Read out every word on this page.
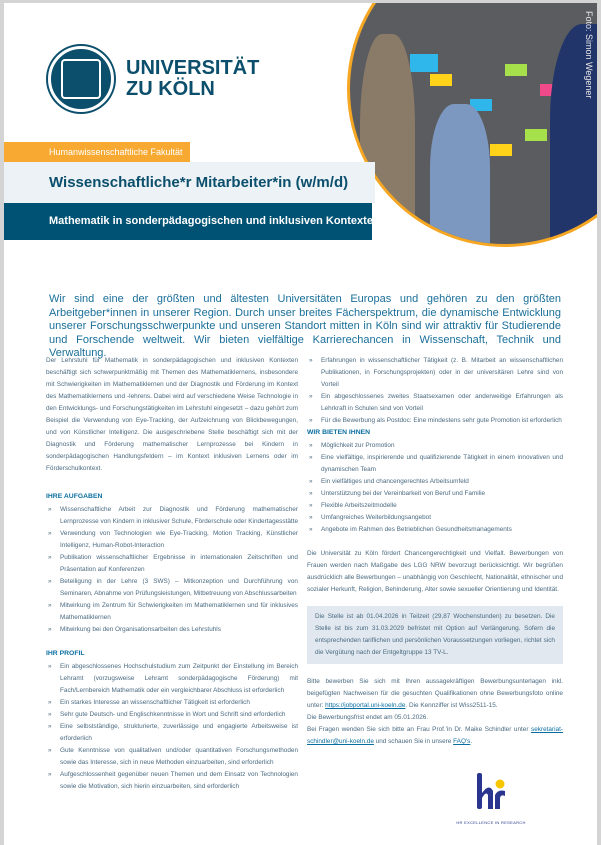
Foto: Simon Wegener
UNIVERSITÄT
ZU KÖLN
Humanwissenschaftliche Fakultät
Wissenschaftliche*r Mitarbeiter*in (w/m/d)
Mathematik in sonderpädagogischen und inklusiven Kontexten

Wir sind eine der größten und ältesten Universitäten Europas und gehören zu den größten Arbeitgeber*innen in unserer Region. Durch unser breites Fächerspektrum, die dynamische Entwicklung unserer Forschungsschwerpunkte und unseren Standort mitten in Köln sind wir attraktiv für Studierende und Forschende weltweit. Wir bieten vielfältige Karrierechancen in Wissenschaft, Technik und Verwaltung.

Der Lehrstuhl für Mathematik in sonderpädagogischen und inklusiven Kontexten beschäftigt sich schwerpunktmäßig mit Themen des Mathematiklernens, insbesondere mit Schwierigkeiten im Mathematiklernen und der Diagnostik und Förderung im Kontext des Mathematiklernens und -lehrens. Dabei wird auf verschiedene Weise Technologie in den Entwicklungs- und Forschungstätigkeiten im Lehrstuhl eingesetzt – dazu gehört zum Beispiel die Verwendung von Eye-Tracking, der Aufzeichnung von Blickbewegungen, und von Künstlicher Intelligenz. Die ausgeschriebene Stelle beschäftigt sich mit der Diagnostik und Förderung mathematischer Lernprozesse bei Kindern in sonderpädagogischen Handlungsfeldern – im Kontext inklusiven Lernens oder im Förderschulkontext.

IHRE AUFGABEN
» Wissenschaftliche Arbeit zur Diagnostik und Förderung mathematischer Lernprozesse von Kindern in inklusiver Schule, Förderschule oder Kindertagesstätte
» Verwendung von Technologien wie Eye-Tracking, Motion Tracking, Künstlicher Intelligenz, Human-Robot-Interaction
» Publikation wissenschaftlicher Ergebnisse in internationalen Zeitschriften und Präsentation auf Konferenzen
» Beteiligung in der Lehre (3 SWS) – Mitkonzeption und Durchführung von Seminaren, Abnahme von Prüfungsleistungen, Mitbetreuung von Abschlussarbeiten
» Mitwirkung im Zentrum für Schwierigkeiten im Mathematiklernen und für inklusives Mathematiklernen
» Mitwirkung bei den Organisationsarbeiten des Lehrstuhls
IHR PROFIL
» Ein abgeschlossenes Hochschulstudium zum Zeitpunkt der Einstellung im Bereich Lehramt (vorzugsweise Lehramt sonderpädagogische Förderung) mit Fach/Lernbereich Mathematik oder ein vergleichbarer Abschluss ist erforderlich
» Ein starkes Interesse an wissenschaftlicher Tätigkeit ist erforderlich
» Sehr gute Deutsch- und Englischkenntnisse in Wort und Schrift sind erforderlich
» Eine selbstständige, strukturierte, zuverlässige und engagierte Arbeitsweise ist erforderlich
» Gute Kenntnisse von qualitativen und/oder quantitativen Forschungsmethoden sowie das Interesse, sich in neue Methoden einzuarbeiten, sind erforderlich
» Aufgeschlossenheit gegenüber neuen Themen und dem Einsatz von Technologien sowie die Motivation, sich hierin einzuarbeiten, sind erforderlich
» Erfahrungen in wissenschaftlicher Tätigkeit (z. B. Mitarbeit an wissenschaftlichen Publikationen, in Forschungsprojekten) oder in der universitären Lehre sind von Vorteil
» Ein abgeschlossenes zweites Staatsexamen oder anderweitige Erfahrungen als Lehrkraft in Schulen sind von Vorteil
» Für die Bewerbung als Postdoc: Eine mindestens sehr gute Promotion ist erforderlich
WIR BIETEN IHNEN
» Möglichkeit zur Promotion
» Eine vielfältige, inspirierende und qualifizierende Tätigkeit in einem innovativen und dynamischen Team
» Ein vielfältiges und chancengerechtes Arbeitsumfeld
» Unterstützung bei der Vereinbarkeit von Beruf und Familie
» Flexible Arbeitszeitmodelle
» Umfangreiches Weiterbildungsangebot
» Angebote im Rahmen des Betrieblichen Gesundheitsmanagements

Die Universität zu Köln fördert Chancengerechtigkeit und Vielfalt. Bewerbungen von Frauen werden nach Maßgabe des LGG NRW bevorzugt berücksichtigt. Wir begrüßen ausdrücklich alle Bewerbungen – unabhängig von Geschlecht, Nationalität, ethnischer und sozialer Herkunft, Religion, Behinderung, Alter sowie sexueller Orientierung und Identität.

Die Stelle ist ab 01.04.2026 in Teilzeit (29,87 Wochenstunden) zu besetzen. Die Stelle ist bis zum 31.03.2029 befristet mit Option auf Verlängerung. Sofern die entsprechenden tariflichen und persönlichen Voraussetzungen vorliegen, richtet sich die Vergütung nach der Entgeltgruppe 13 TV-L.

Bitte bewerben Sie sich mit Ihren aussagekräftigen Bewerbungsunterlagen inkl. beigefügten Nachweisen für die gesuchten Qualifikationen ohne Bewerbungsfoto online unter: https://jobportal.uni-koeln.de. Die Kennziffer ist Wiss2511-15.

Die Bewerbungsfrist endet am 05.01.2026.

Bei Fragen wenden Sie sich bitte an Frau Prof.'in Dr. Maike Schindler unter sekretariat-schindler@uni-koeln.de und schauen Sie in unsere FAQ's.

HR EXCELLENCE IN RESEARCH
